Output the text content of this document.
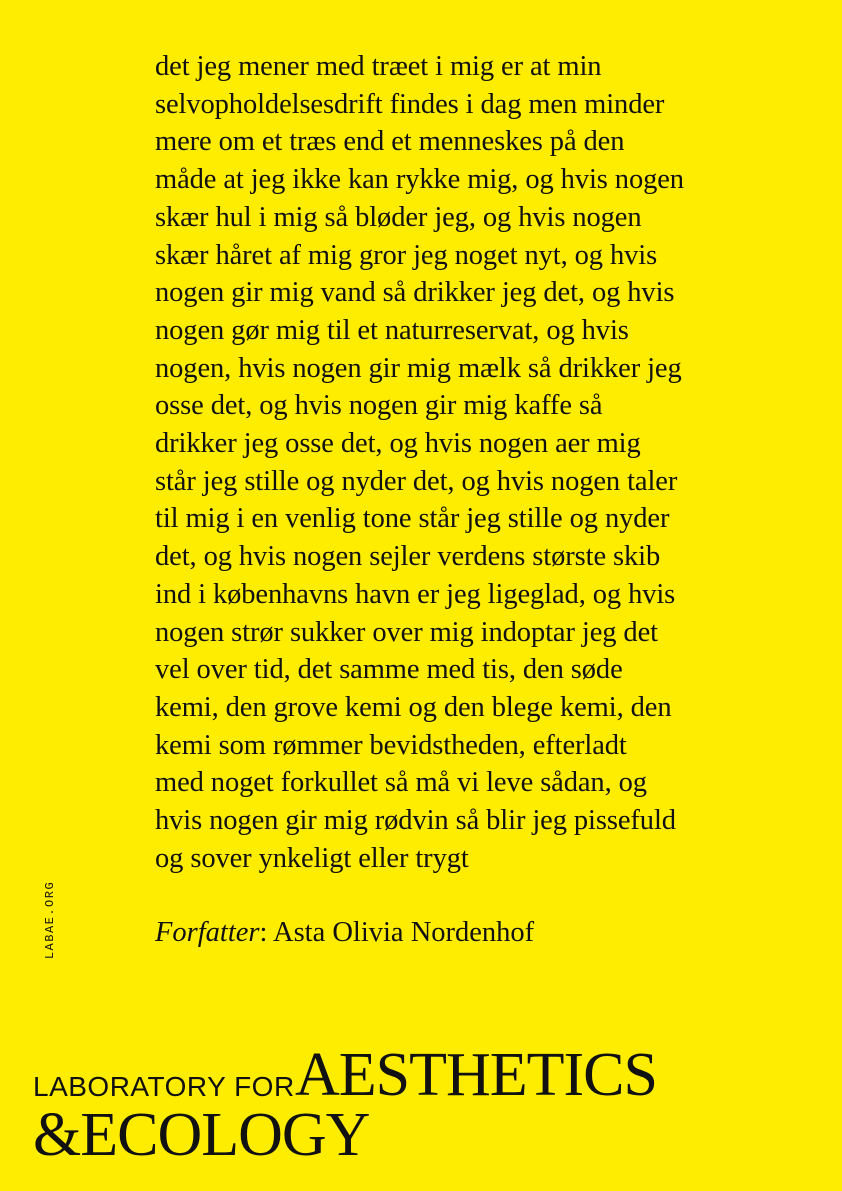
det jeg mener med træet i mig er at min
selvopholdelsesdrift findes i dag men minder
mere om et træs end et menneskes på den
måde at jeg ikke kan rykke mig, og hvis nogen
skær hul i mig så bløder jeg, og hvis nogen
skær håret af mig gror jeg noget nyt, og hvis
nogen gir mig vand så drikker jeg det, og hvis
nogen gør mig til et naturreservat, og hvis
nogen, hvis nogen gir mig mælk så drikker jeg
osse det, og hvis nogen gir mig kaffe så
drikker jeg osse det, og hvis nogen aer mig
står jeg stille og nyder det, og hvis nogen taler
til mig i en venlig tone står jeg stille og nyder
det, og hvis nogen sejler verdens største skib
ind i københavns havn er jeg ligeglad, og hvis
nogen strør sukker over mig indoptar jeg det
vel over tid, det samme med tis, den søde
kemi, den grove kemi og den blege kemi, den
kemi som rømmer bevidstheden, efterladt
med noget forkullet så må vi leve sådan, og
hvis nogen gir mig rødvin så blir jeg pissefuld
og sover ynkeligt eller trygt
Forfatter: Asta Olivia Nordenhof
LABAE.ORG
LABORATORY FOR AESTHETICS
&ECOLOGY
